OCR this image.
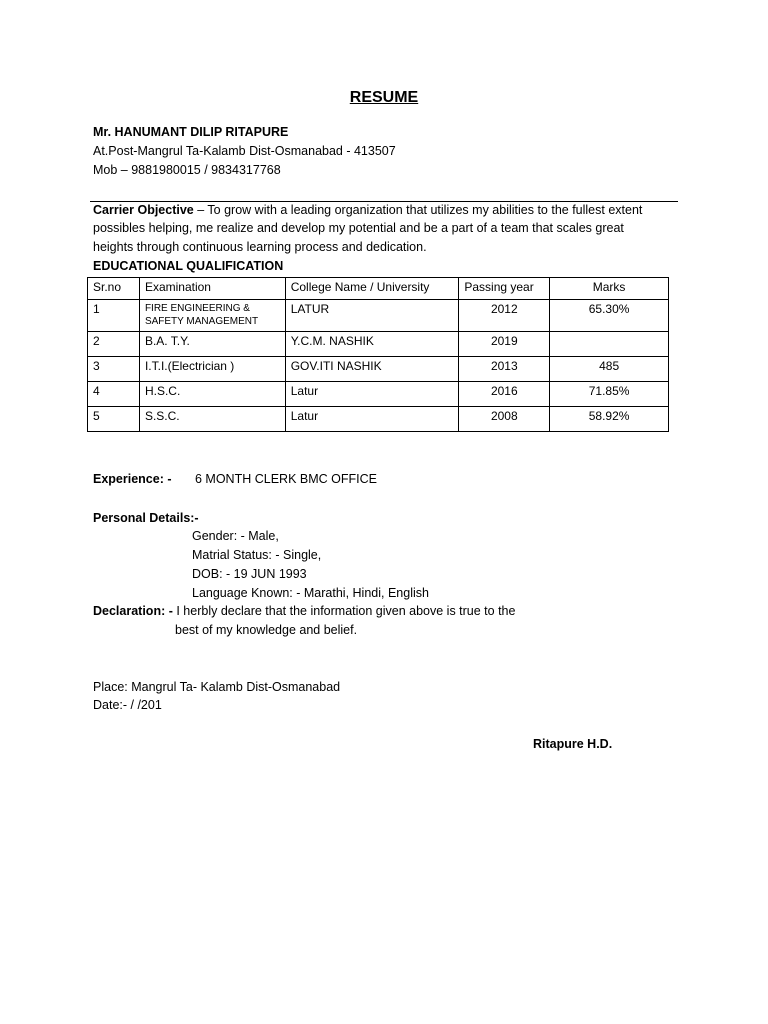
RESUME
Mr. HANUMANT DILIP RITAPURE
At.Post-Mangrul Ta-Kalamb Dist-Osmanabad - 413507
Mob – 9881980015 / 9834317768
Carrier Objective – To grow with a leading organization that utilizes my abilities to the fullest extent
possibles helping, me realize and develop my potential and be a part of a team that scales great
heights through continuous learning process and dedication.
EDUCATIONAL QUALIFICATION
Sr.no	Examination	College Name / University	Passing year	Marks
1	FIRE ENGINEERING &
SAFETY MANAGEMENT	LATUR	2012	65.30%
2	B.A. T.Y.	Y.C.M. NASHIK	2019	
3	I.T.I.(Electrician )	GOV.ITI NASHIK	2013	485
4	H.S.C.	Latur	2016	71.85%
5	S.S.C.	Latur	2008	58.92%
Experience: - 6 MONTH CLERK BMC OFFICE
Personal Details:-
Gender: - Male,
Matrial Status: - Single,
DOB: - 19 JUN 1993
Language Known: - Marathi, Hindi, English
Declaration: - I herbly declare that the information given above is true to the
best of my knowledge and belief.
Place: Mangrul Ta- Kalamb Dist-Osmanabad
Date:- / /201
Ritapure H.D.
